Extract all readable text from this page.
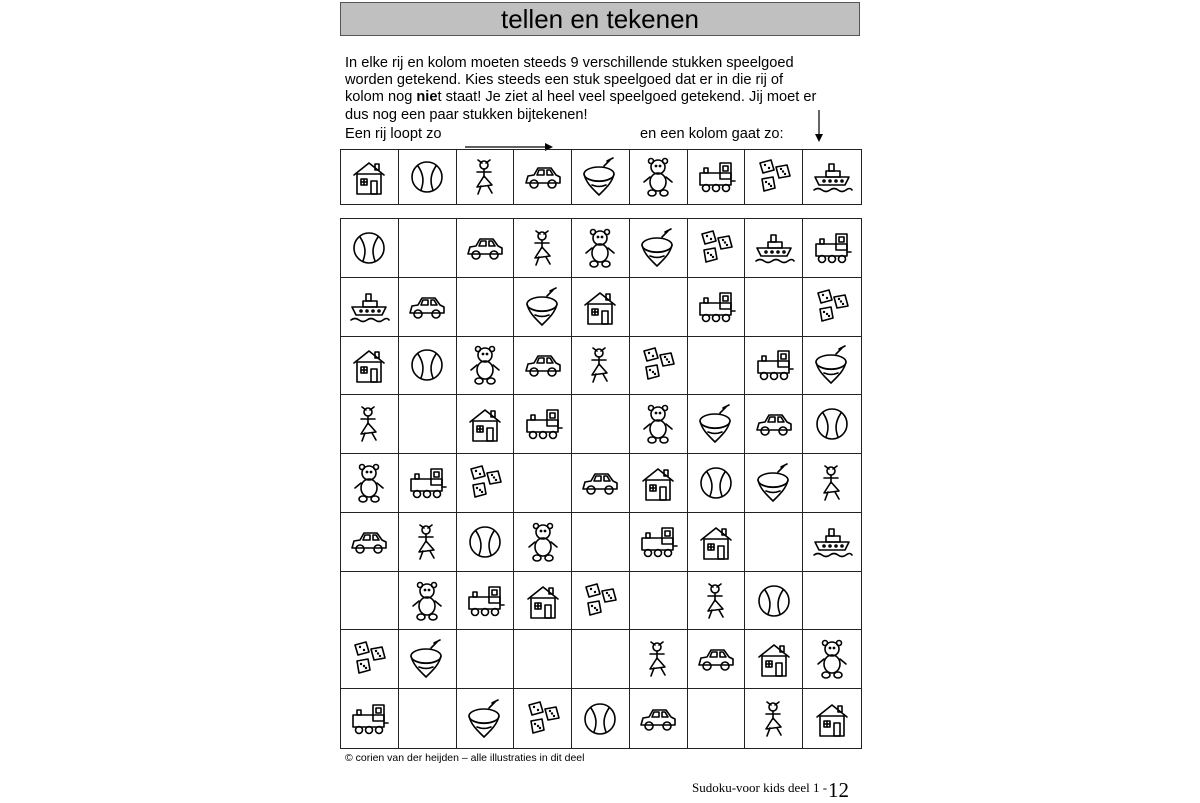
tellen en tekenen

In elke rij en kolom moeten steeds 9 verschillende stukken speelgoed

worden getekend. Kies steeds een stuk speelgoed dat er in die rij of

kolom nog niet staat! Je ziet al heel veel speelgoed getekend. Jij moet er

dus nog een paar stukken bijtekenen!

Een rij loopt zo	en een kolom gaat zo:
© corien van der heijden – alle illustraties in dit deel
Sudoku-voor kids deel 1 - 12
